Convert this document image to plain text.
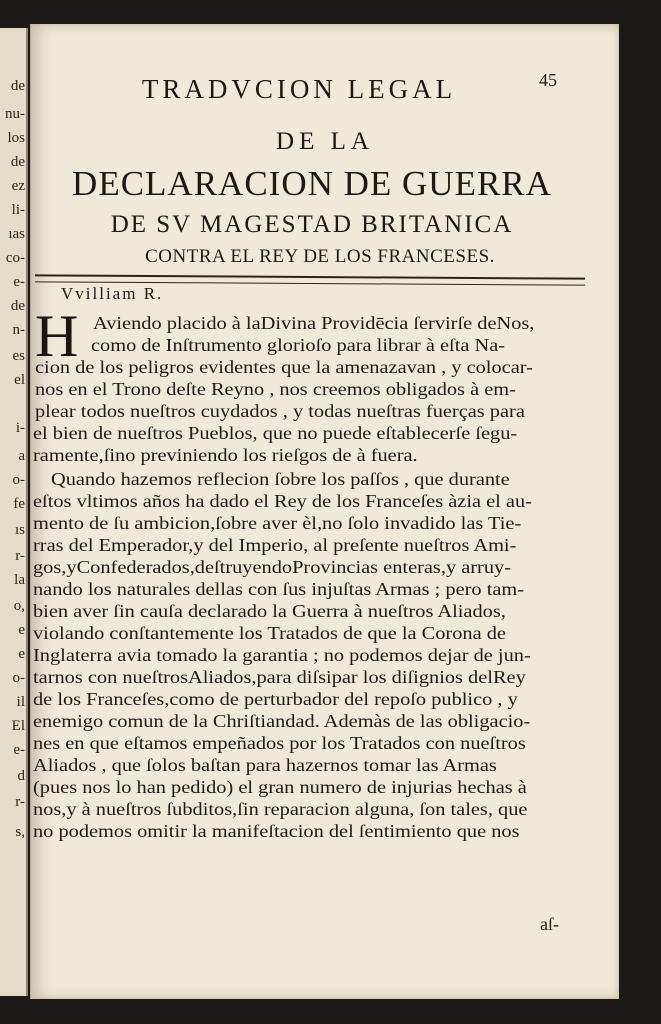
de
nu-
los
de
ez
li-
ıas
co-
e-
de
n-
es
el
i-
a
o-
fe
ıs
r-
la
o,
e
e
o-
il
El
e-
d
r-
s,
45
TRADVCION LEGAL
DE LA
DECLARACION DE GUERRA
DE SV MAGESTAD BRITANICA
CONTRA EL REY DE LOS FRANCESES.
Vvilliam R.
H Aviendo placido à laDivina Providēcia ſervirſe deNos,
como de Inſtrumento glorioſo para librar à eſta Na-
cion de los peligros evidentes que la amenazavan , y colocar-
nos en el Trono deſte Reyno , nos creemos obligados à em-
plear todos nueſtros cuydados , y todas nueſtras fuerças para
el bien de nueſtros Pueblos, que no puede eſtablecerſe ſegu-
ramente,ſino previniendo los rieſgos de à fuera.
Quando hazemos reflecion ſobre los paſſos , que durante
eſtos vltimos años ha dado el Rey de los Franceſes àzia el au-
mento de ſu ambicion,ſobre aver èl,no ſolo invadido las Tie-
rras del Emperador,y del Imperio, al preſente nueſtros Ami-
gos,yConfederados,deſtruyendoProvincias enteras,y arruy-
nando los naturales dellas con ſus injuſtas Armas ; pero tam-
bien aver ſin cauſa declarado la Guerra à nueſtros Aliados,
violando conſtantemente los Tratados de que la Corona de
Inglaterra avia tomado la garantia ; no podemos dejar de jun-
tarnos con nueſtrosAliados,para diſsipar los diſignios delRey
de los Franceſes,como de perturbador del repoſo publico , y
enemigo comun de la Chriſtiandad. Ademàs de las obligacio-
nes en que eſtamos empeñados por los Tratados con nueſtros
Aliados , que ſolos baſtan para hazernos tomar las Armas
(pues nos lo han pedido) el gran numero de injurias hechas à
nos,y à nueſtros ſubditos,ſin reparacion alguna, ſon tales, que
no podemos omitir la manifeſtacion del ſentimiento que nos
aſ-
